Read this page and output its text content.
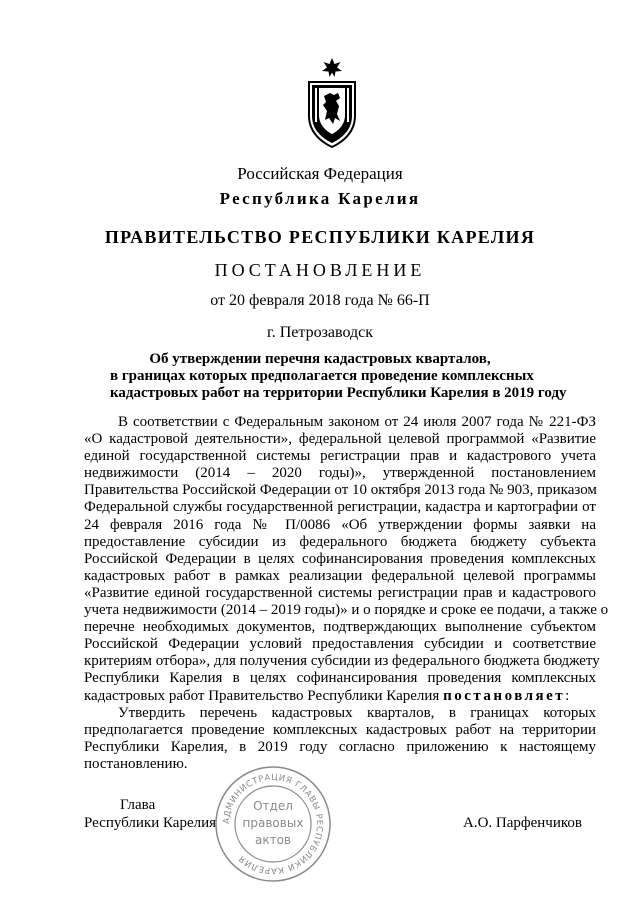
Российская Федерация
Республика Карелия
ПРАВИТЕЛЬСТВО РЕСПУБЛИКИ КАРЕЛИЯ
ПОСТАНОВЛЕНИЕ
от 20 февраля 2018 года № 66-П
г. Петрозаводск
Об утверждении перечня кадастровых кварталов,
в границах которых предполагается проведение комплексных
кадастровых работ на территории Республики Карелия в 2019 году
В соответствии с Федеральным законом от 24 июля 2007 года № 221-ФЗ
«О кадастровой деятельности», федеральной целевой программой «Развитие
единой государственной системы регистрации прав и кадастрового учета
недвижимости (2014 – 2020 годы)», утвержденной постановлением
Правительства Российской Федерации от 10 октября 2013 года № 903, приказом
Федеральной службы государственной регистрации, кадастра и картографии от
24 февраля 2016 года № П/0086 «Об утверждении формы заявки на
предоставление субсидии из федерального бюджета бюджету субъекта
Российской Федерации в целях софинансирования проведения комплексных
кадастровых работ в рамках реализации федеральной целевой программы
«Развитие единой государственной системы регистрации прав и кадастрового
учета недвижимости (2014 – 2019 годы)» и о порядке и сроке ее подачи, а также о
перечне необходимых документов, подтверждающих выполнение субъектом
Российской Федерации условий предоставления субсидии и соответствие
критериям отбора», для получения субсидии из федерального бюджета бюджету
Республики Карелия в целях софинансирования проведения комплексных
кадастровых работ Правительство Республики Карелия постановляет:
Утвердить перечень кадастровых кварталов, в границах которых
предполагается проведение комплексных кадастровых работ на территории
Республики Карелия, в 2019 году согласно приложению к настоящему
постановлению.
Глава
Республики Карелия	А.О. Парфенчиков
АДМИНИСТРАЦИЯ ГЛАВЫ РЕСПУБЛИКИ КАРЕЛИЯ
Отдел
правовых
актов
